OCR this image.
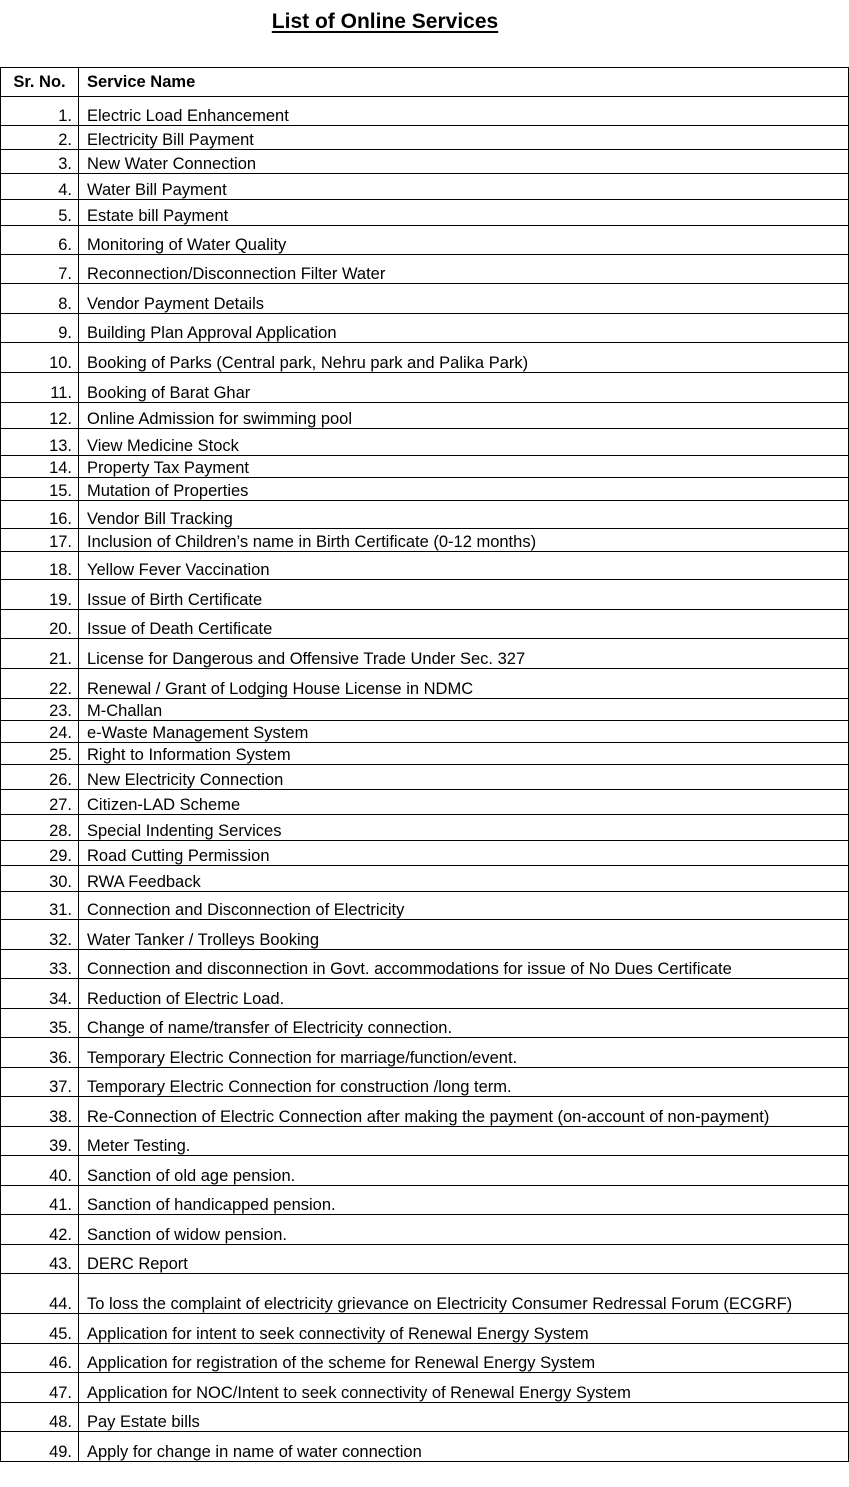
List of Online Services
Sr. No.	Service Name
1.	Electric Load Enhancement
2.	Electricity Bill Payment
3.	New Water Connection
4.	Water Bill Payment
5.	Estate bill Payment
6.	Monitoring of Water Quality
7.	Reconnection/Disconnection Filter Water
8.	Vendor Payment Details
9.	Building Plan Approval Application
10.	Booking of Parks (Central park, Nehru park and Palika Park)
11.	Booking of Barat Ghar
12.	Online Admission for swimming pool
13.	View Medicine Stock
14.	Property Tax Payment
15.	Mutation of Properties
16.	Vendor Bill Tracking
17.	Inclusion of Children’s name in Birth Certificate (0-12 months)
18.	Yellow Fever Vaccination
19.	Issue of Birth Certificate
20.	Issue of Death Certificate
21.	License for Dangerous and Offensive Trade Under Sec. 327
22.	Renewal / Grant of Lodging House License in NDMC
23.	M-Challan
24.	e-Waste Management System
25.	Right to Information System
26.	New Electricity Connection
27.	Citizen-LAD Scheme
28.	Special Indenting Services
29.	Road Cutting Permission
30.	RWA Feedback
31.	Connection and Disconnection of Electricity
32.	Water Tanker / Trolleys Booking
33.	Connection and disconnection in Govt. accommodations for issue of No Dues Certificate
34.	Reduction of Electric Load.
35.	Change of name/transfer of Electricity connection.
36.	Temporary Electric Connection for marriage/function/event.
37.	Temporary Electric Connection for construction /long term.
38.	Re-Connection of Electric Connection after making the payment (on-account of non-payment)
39.	Meter Testing.
40.	Sanction of old age pension.
41.	Sanction of handicapped pension.
42.	Sanction of widow pension.
43.	DERC Report
44.	To loss the complaint of electricity grievance on Electricity Consumer Redressal Forum (ECGRF)
45.	Application for intent to seek connectivity of Renewal Energy System
46.	Application for registration of the scheme for Renewal Energy System
47.	Application for NOC/Intent to seek connectivity of Renewal Energy System
48.	Pay Estate bills
49.	Apply for change in name of water connection
